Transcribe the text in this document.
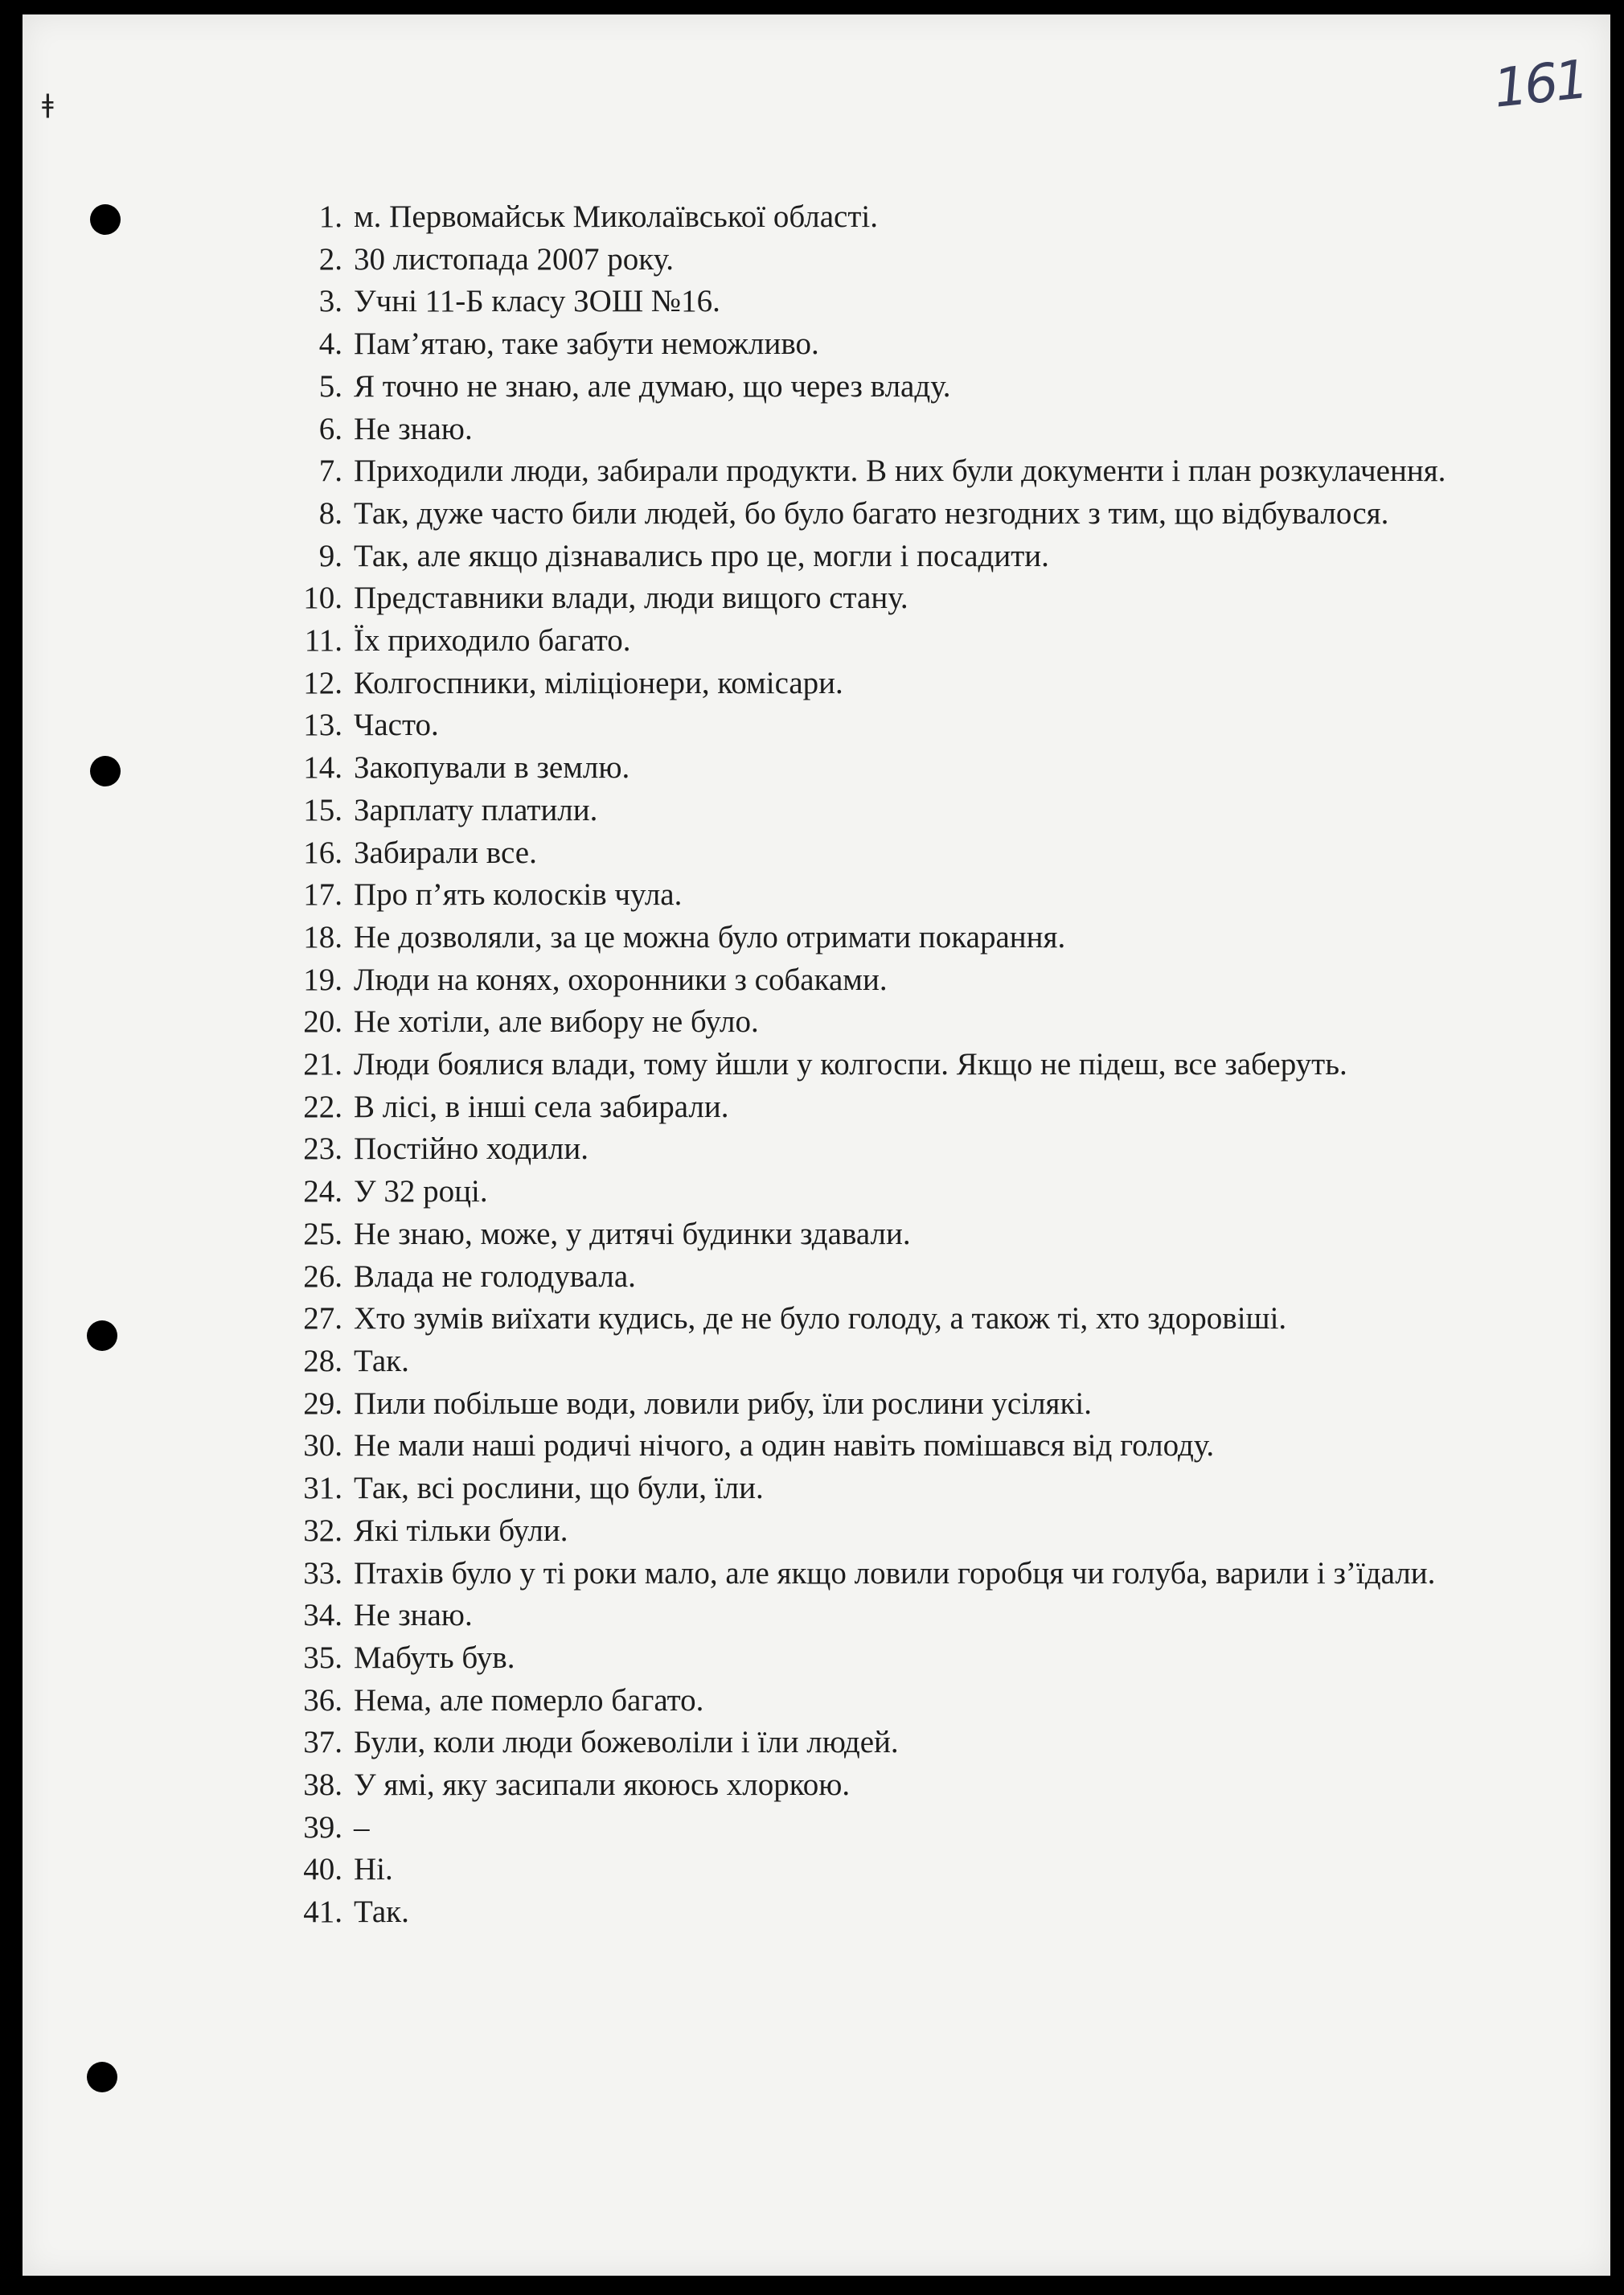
ǂ	161
1. м. Первомайськ Миколаївської області.
2. 30 листопада 2007 року.
3. Учні 11-Б класу ЗОШ №16.
4. Пам’ятаю, таке забути неможливо.
5. Я точно не знаю, але думаю, що через владу.
6. Не знаю.
7. Приходили люди, забирали продукти. В них були документи і план розкулачення.
8. Так, дуже часто били людей, бо було багато незгодних з тим, що відбувалося.
9. Так, але якщо дізнавались про це, могли і посадити.
10. Представники влади, люди вищого стану.
11. Їх приходило багато.
12. Колгоспники, міліціонери, комісари.
13. Часто.
14. Закопували в землю.
15. Зарплату платили.
16. Забирали все.
17. Про п’ять колосків чула.
18. Не дозволяли, за це можна було отримати покарання.
19. Люди на конях, охоронники з собаками.
20. Не хотіли, але вибору не було.
21. Люди боялися влади, тому йшли у колгоспи. Якщо не підеш, все заберуть.
22. В лісі, в інші села забирали.
23. Постійно ходили.
24. У 32 році.
25. Не знаю, може, у дитячі будинки здавали.
26. Влада не голодувала.
27. Хто зумів виїхати кудись, де не було голоду, а також ті, хто здоровіші.
28. Так.
29. Пили побільше води, ловили рибу, їли рослини усілякі.
30. Не мали наші родичі нічого, а один навіть помішався від голоду.
31. Так, всі рослини, що були, їли.
32. Які тільки були.
33. Птахів було у ті роки мало, але якщо ловили горобця чи голуба, варили і з’їдали.
34. Не знаю.
35. Мабуть був.
36. Нема, але померло багато.
37. Були, коли люди божеволіли і їли людей.
38. У ямі, яку засипали якоюсь хлоркою.
39. –
40. Ні.
41. Так.
